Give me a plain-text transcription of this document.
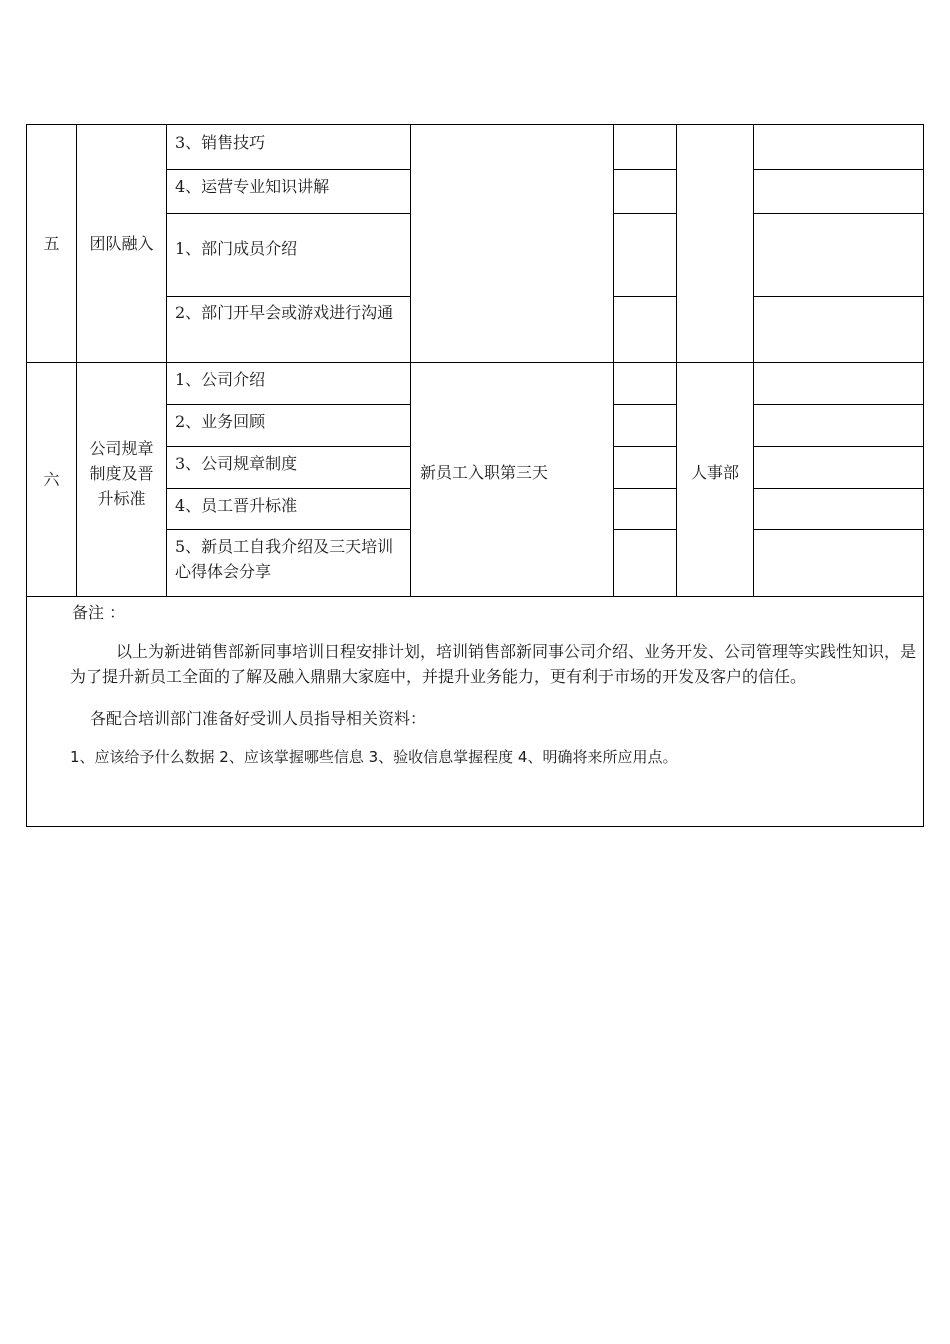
五 团队融入
3、销售技巧
4、运营专业知识讲解
1、部门成员介绍
2、部门开早会或游戏进行沟通
六
公司规章制度及晋升标准
1、公司介绍
2、业务回顾
3、公司规章制度
4、员工晋升标准
5、新员工自我介绍及三天培训心得体会分享
新员工入职第三天	人事部
备注 ：
以上为新进销售部新同事培训日程安排计划，培训销售部新同事公司介绍、业务开发、公司管理等实践性知识，是为了提升新员工全面的了解及融入鼎鼎大家庭中，并提升业务能力，更有利于市场的开发及客户的信任。
各配合培训部门准备好受训人员指导相关资料：
1、应该给予什么数据 2、应该掌握哪些信息 3、验收信息掌握程度 4、明确将来所应用点。
